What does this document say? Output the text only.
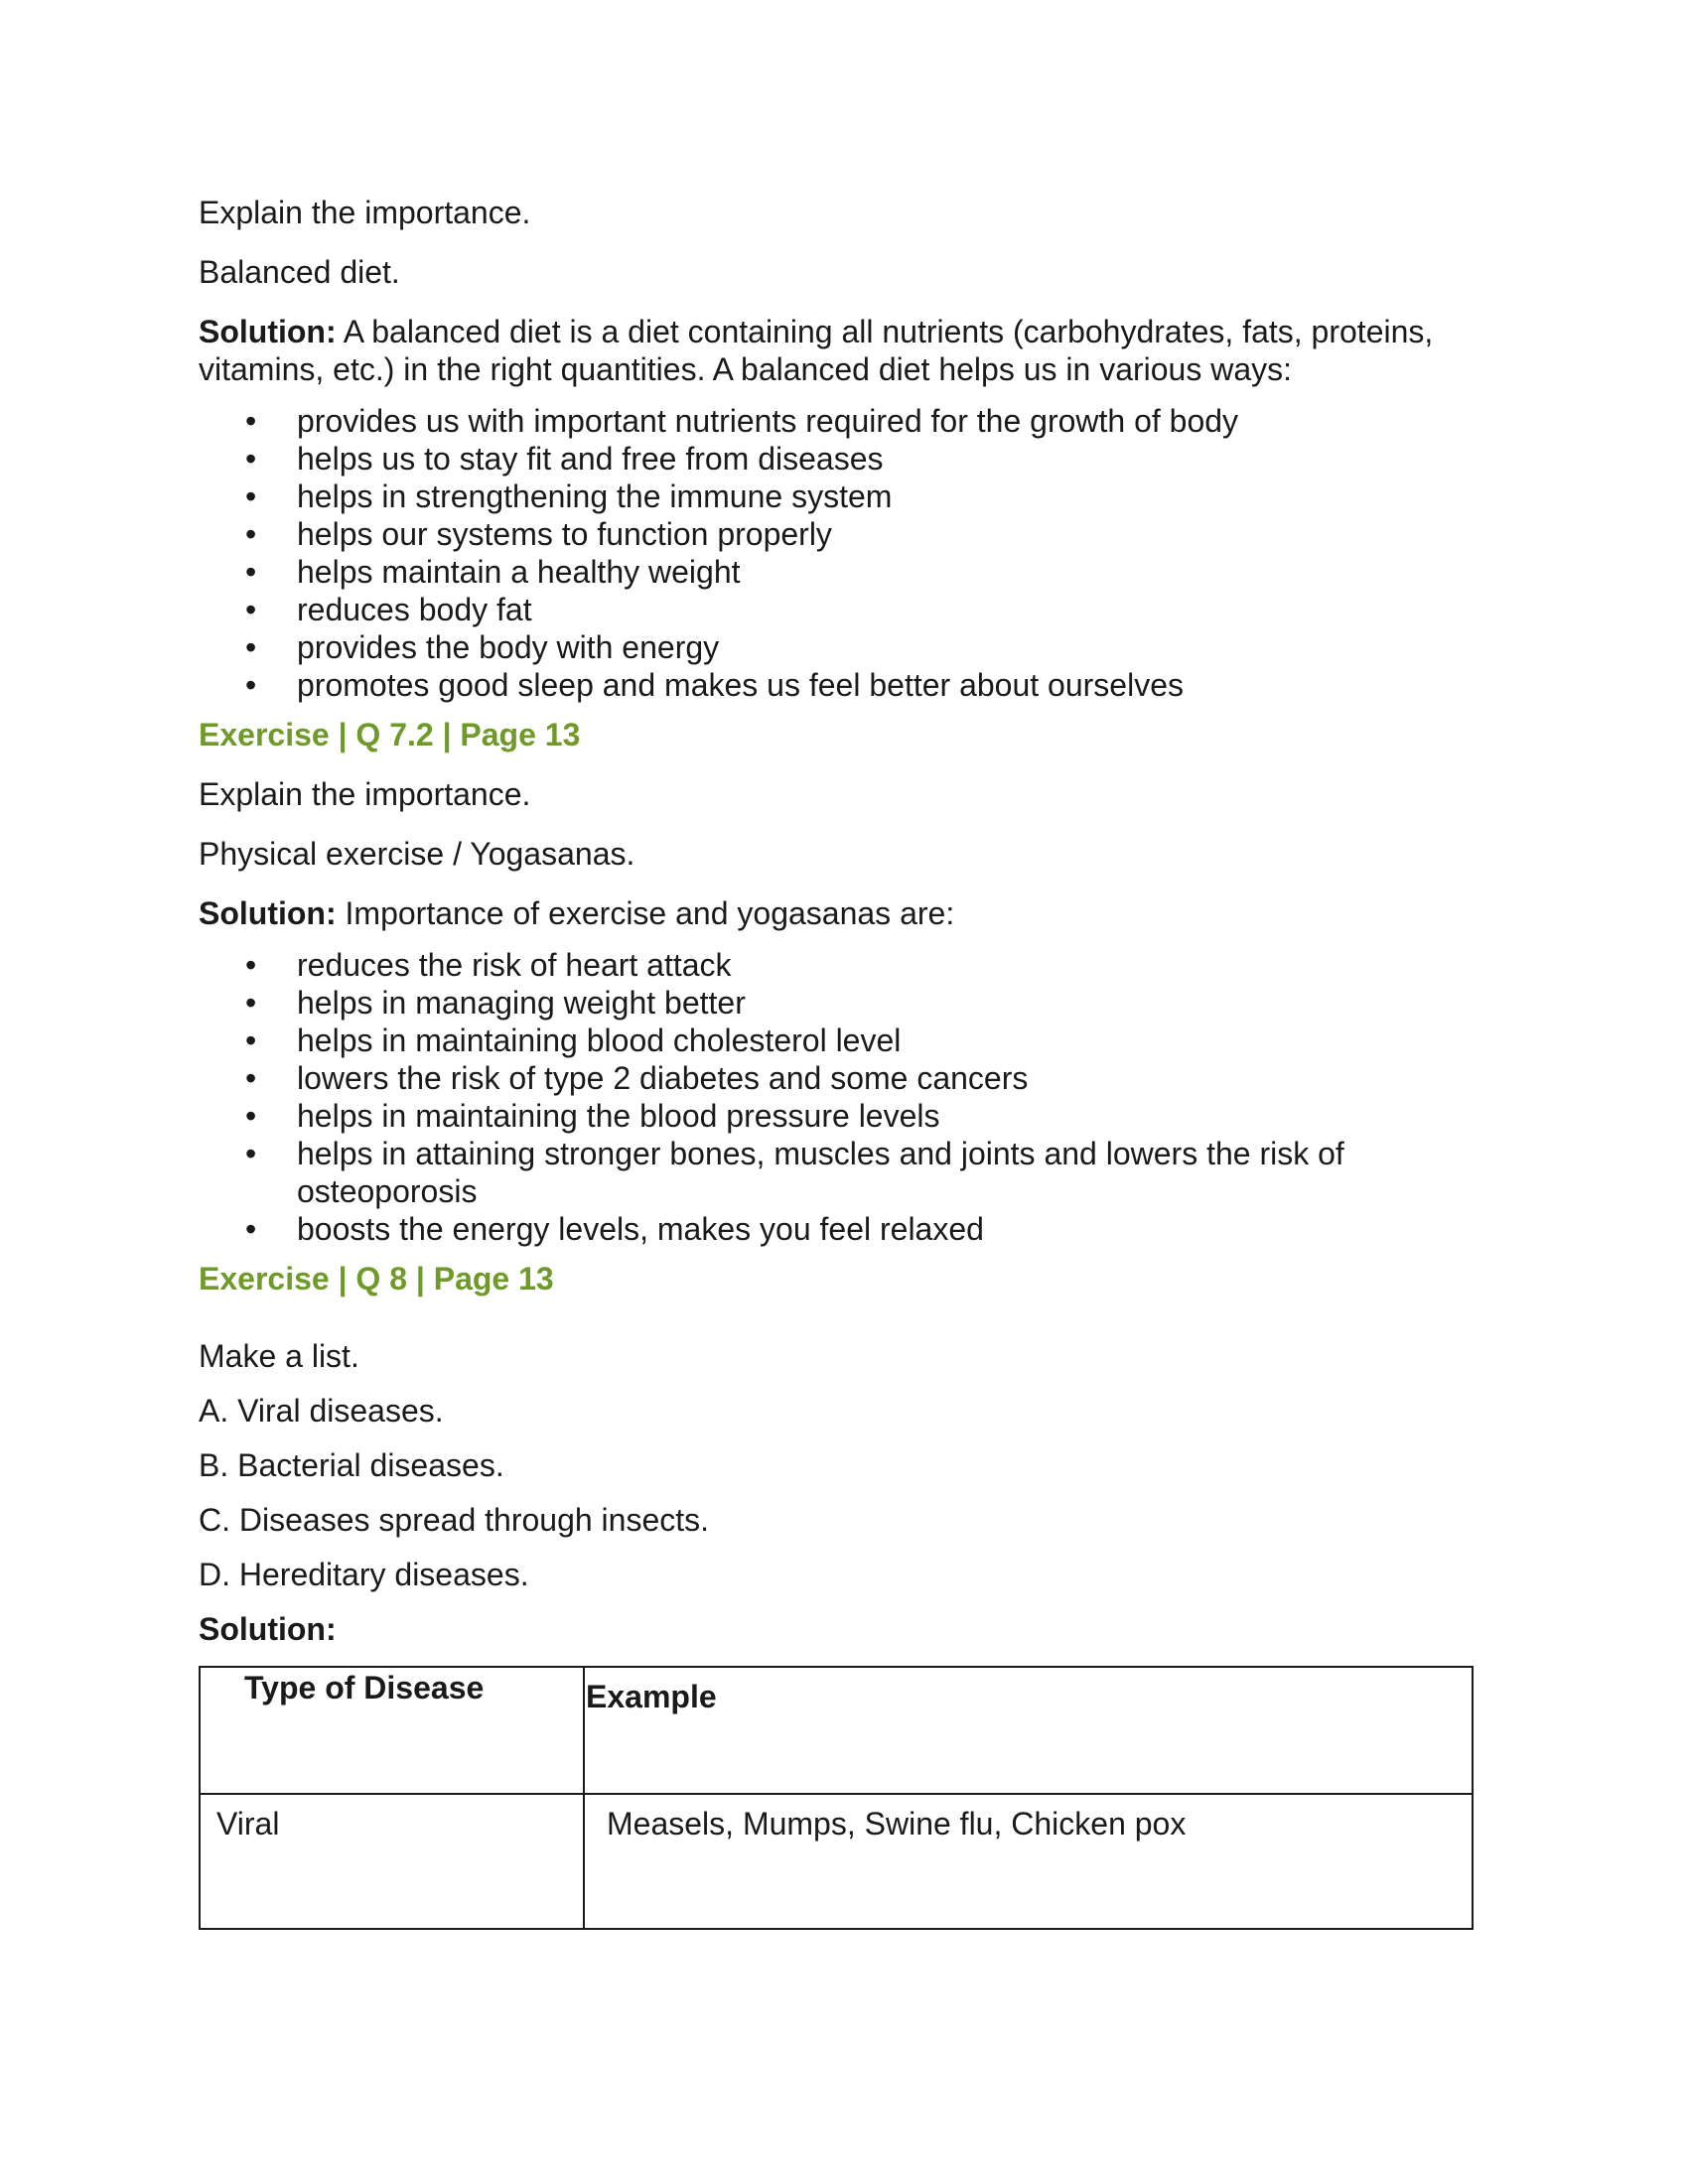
Explain the importance.

Balanced diet.

Solution: A balanced diet is a diet containing all nutrients (carbohydrates, fats, proteins, vitamins, etc.) in the right quantities. A balanced diet helps us in various ways:

• provides us with important nutrients required for the growth of body
• helps us to stay fit and free from diseases
• helps in strengthening the immune system
• helps our systems to function properly
• helps maintain a healthy weight
• reduces body fat
• provides the body with energy
• promotes good sleep and makes us feel better about ourselves

Exercise | Q 7.2 | Page 13

Explain the importance.

Physical exercise / Yogasanas.

Solution: Importance of exercise and yogasanas are:

• reduces the risk of heart attack
• helps in managing weight better
• helps in maintaining blood cholesterol level
• lowers the risk of type 2 diabetes and some cancers
• helps in maintaining the blood pressure levels
• helps in attaining stronger bones, muscles and joints and lowers the risk of osteoporosis
• boosts the energy levels, makes you feel relaxed

Exercise | Q 8 | Page 13

Make a list.

A. Viral diseases.

B. Bacterial diseases.

C. Diseases spread through insects.

D. Hereditary diseases.

Solution:

Type of Disease	Example
Viral	Measels, Mumps, Swine flu, Chicken pox
